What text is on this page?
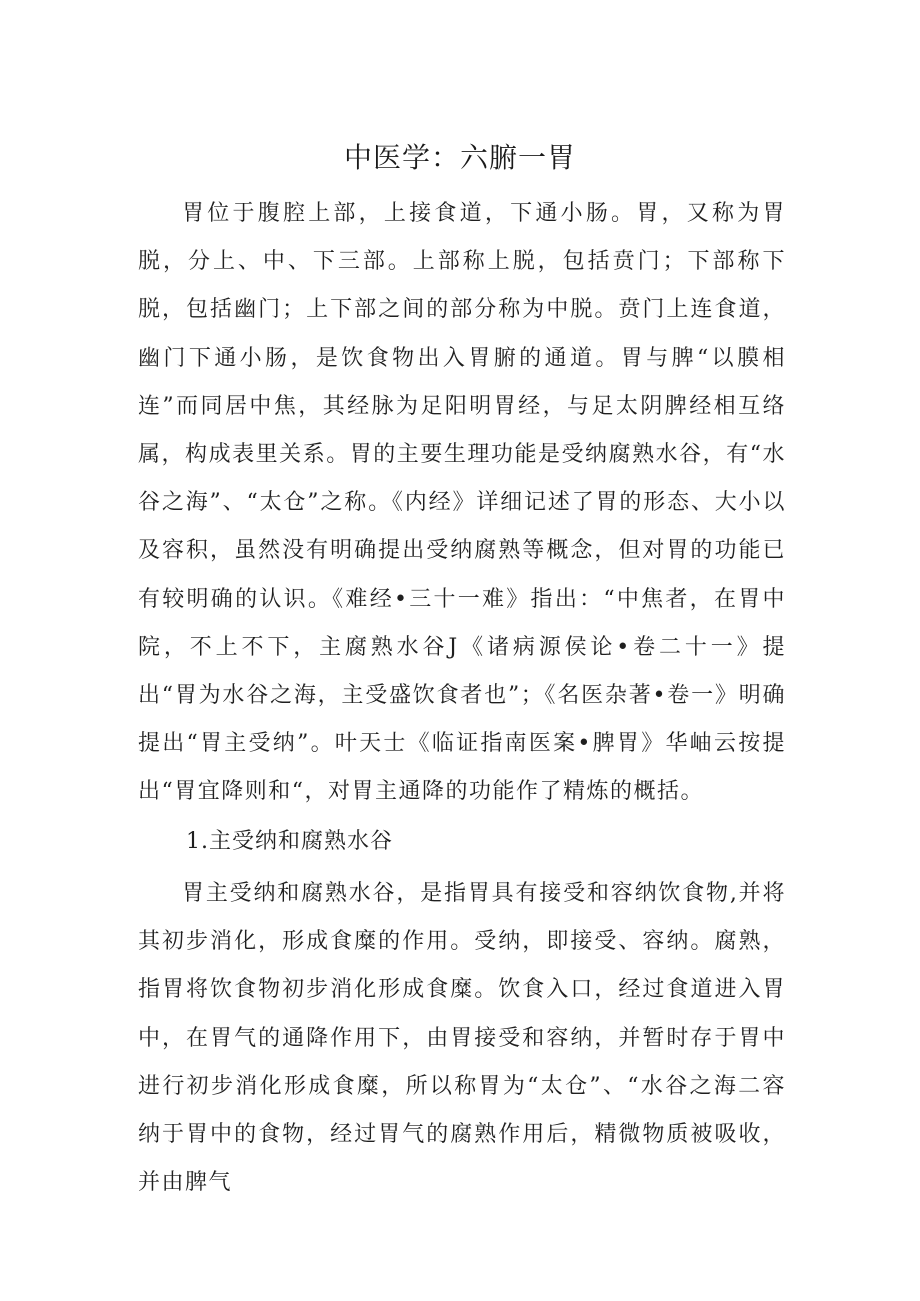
中医学：六腑一胃

胃位于腹腔上部，上接食道，下通小肠。胃，又称为胃脱，分上、中、下三部。上部称上脱，包括贲门；下部称下脱，包括幽门；上下部之间的部分称为中脱。贲门上连食道，幽门下通小肠，是饮食物出入胃腑的通道。胃与脾“以膜相连”而同居中焦，其经脉为足阳明胃经，与足太阴脾经相互络属，构成表里关系。胃的主要生理功能是受纳腐熟水谷，有“水谷之海”、“太仓”之称。《内经》详细记述了胃的形态、大小以及容积，虽然没有明确提出受纳腐熟等概念，但对胃的功能已有较明确的认识。《难经•三十一难》指出：“中焦者，在胃中院，不上不下，主腐熟水谷J《诸病源侯论•卷二十一》提出“胃为水谷之海，主受盛饮食者也”；《名医杂著•卷一》明确提出“胃主受纳”。叶天士《临证指南医案•脾胃》华岫云按提出“胃宜降则和“，对胃主通降的功能作了精炼的概括。

1.主受纳和腐熟水谷

胃主受纳和腐熟水谷，是指胃具有接受和容纳饮食物,并将其初步消化，形成食糜的作用。受纳，即接受、容纳。腐熟，指胃将饮食物初步消化形成食糜。饮食入口，经过食道进入胃中，在胃气的通降作用下，由胃接受和容纳，并暂时存于胃中进行初步消化形成食糜，所以称胃为“太仓”、“水谷之海二容纳于胃中的食物，经过胃气的腐熟作用后，精微物质被吸收，并由脾气
